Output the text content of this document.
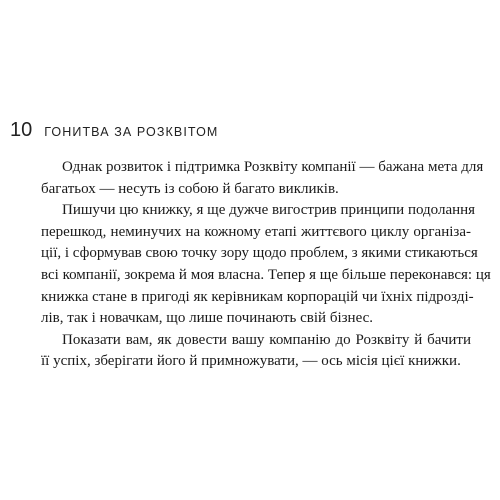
10 ГОНИТВА ЗА РОЗКВІТОМ

Однак розвиток і підтримка Розквіту компанії — бажана мета для
багатьох — несуть із собою й багато викликів.

Пишучи цю книжку, я ще дужче вигострив принципи подолання
перешкод, неминучих на кожному етапі життєвого циклу організа-
ції, і сформував свою точку зору щодо проблем, з якими стикаються
всі компанії, зокрема й моя власна. Тепер я ще більше переконався: ця
книжка стане в пригоді як керівникам корпорацій чи їхніх підрозді-
лів, так і новачкам, що лише починають свій бізнес.

Показати вам, як довести вашу компанію до Розквіту й бачити
її успіх, зберігати його й примножувати, — ось місія цієї книжки.
